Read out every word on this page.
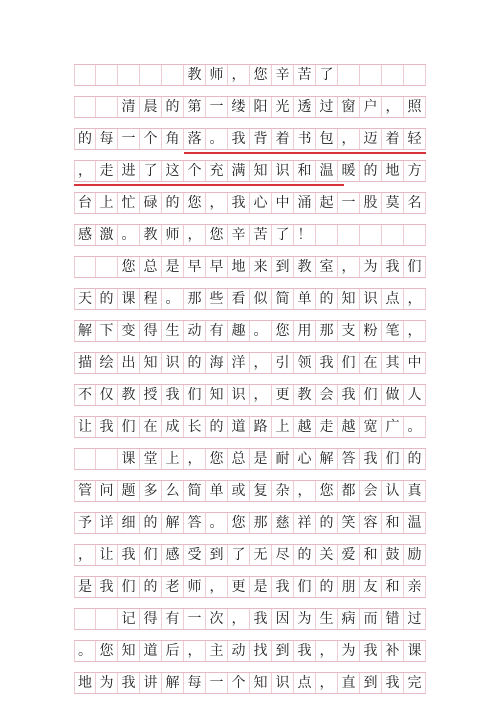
教 师 ， 您 辛 苦 了
清 晨 的 第 一 缕 阳 光 透 过 窗 户 ， 照
的 每 一 个 角 落 。 我 背 着 书 包 ， 迈 着 轻
， 走 进 了 这 个 充 满 知 识 和 温 暖 的 地 方
台 上 忙 碌 的 您 ， 我 心 中 涌 起 一 股 莫 名
感 激 。 教 师 ， 您 辛 苦 了 ！
您 总 是 早 早 地 来 到 教 室 ， 为 我 们
天 的 课 程 。 那 些 看 似 简 单 的 知 识 点 ，
解 下 变 得 生 动 有 趣 。 您 用 那 支 粉 笔 ，
描 绘 出 知 识 的 海 洋 ， 引 领 我 们 在 其 中
不 仅 教 授 我 们 知 识 ， 更 教 会 我 们 做 人
让 我 们 在 成 长 的 道 路 上 越 走 越 宽 广 。
课 堂 上 ， 您 总 是 耐 心 解 答 我 们 的
管 问 题 多 么 简 单 或 复 杂 ， 您 都 会 认 真
予 详 细 的 解 答 。 您 那 慈 祥 的 笑 容 和 温
， 让 我 们 感 受 到 了 无 尽 的 关 爱 和 鼓 励
是 我 们 的 老 师 ， 更 是 我 们 的 朋 友 和 亲
记 得 有 一 次 ， 我 因 为 生 病 而 错 过
。 您 知 道 后 ， 主 动 找 到 我 ， 为 我 补 课
地 为 我 讲 解 每 一 个 知 识 点 ， 直 到 我 完
